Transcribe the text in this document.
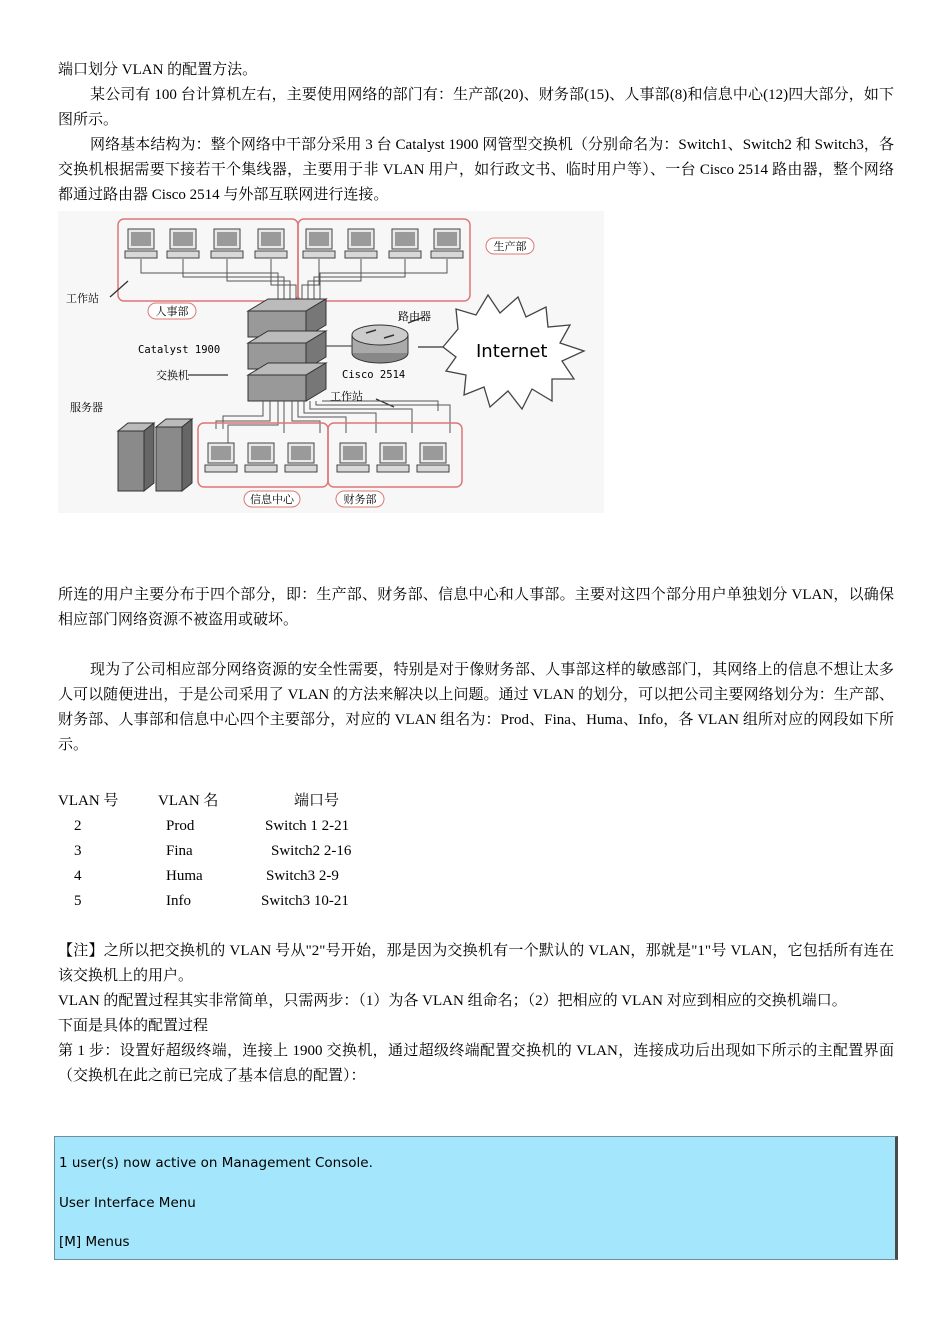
端口划分 VLAN 的配置方法。

某公司有 100 台计算机左右，主要使用网络的部门有：生产部(20)、财务部(15)、人事部(8)和信息中心(12)四大部分，如下图所示。

网络基本结构为：整个网络中干部分采用 3 台 Catalyst 1900 网管型交换机（分别命名为：Switch1、Switch2 和 Switch3，各交换机根据需要下接若干个集线器，主要用于非 VLAN 用户，如行政文书、临时用户等）、一台 Cisco 2514 路由器，整个网络都通过路由器 Cisco 2514 与外部互联网进行连接。

生产部
人事部
工作站
路由器
Catalyst 1900
交换机	Cisco 2514
Internet
服务器
工作站
信息中心	财务部

所连的用户主要分布于四个部分，即：生产部、财务部、信息中心和人事部。主要对这四个部分用户单独划分 VLAN，以确保相应部门网络资源不被盗用或破坏。

现为了公司相应部分网络资源的安全性需要，特别是对于像财务部、人事部这样的敏感部门，其网络上的信息不想让太多人可以随便进出，于是公司采用了 VLAN 的方法来解决以上问题。通过 VLAN 的划分，可以把公司主要网络划分为：生产部、财务部、人事部和信息中心四个主要部分，对应的 VLAN 组名为：Prod、Fina、Huma、Info，各 VLAN 组所对应的网段如下所示。

VLAN 号	VLAN 名	端口号
2	Prod	Switch 1 2-21
3	Fina	Switch2 2-16
4	Huma	Switch3 2-9
5	Info	Switch3 10-21

【注】之所以把交换机的 VLAN 号从"2"号开始，那是因为交换机有一个默认的 VLAN，那就是"1"号 VLAN，它包括所有连在该交换机上的用户。

VLAN 的配置过程其实非常简单，只需两步：（1）为各 VLAN 组命名；（2）把相应的 VLAN 对应到相应的交换机端口。

下面是具体的配置过程

第 1 步：设置好超级终端，连接上 1900 交换机，通过超级终端配置交换机的 VLAN，连接成功后出现如下所示的主配置界面（交换机在此之前已完成了基本信息的配置）：

1 user(s) now active on Management Console.
User Interface Menu
[M] Menus
